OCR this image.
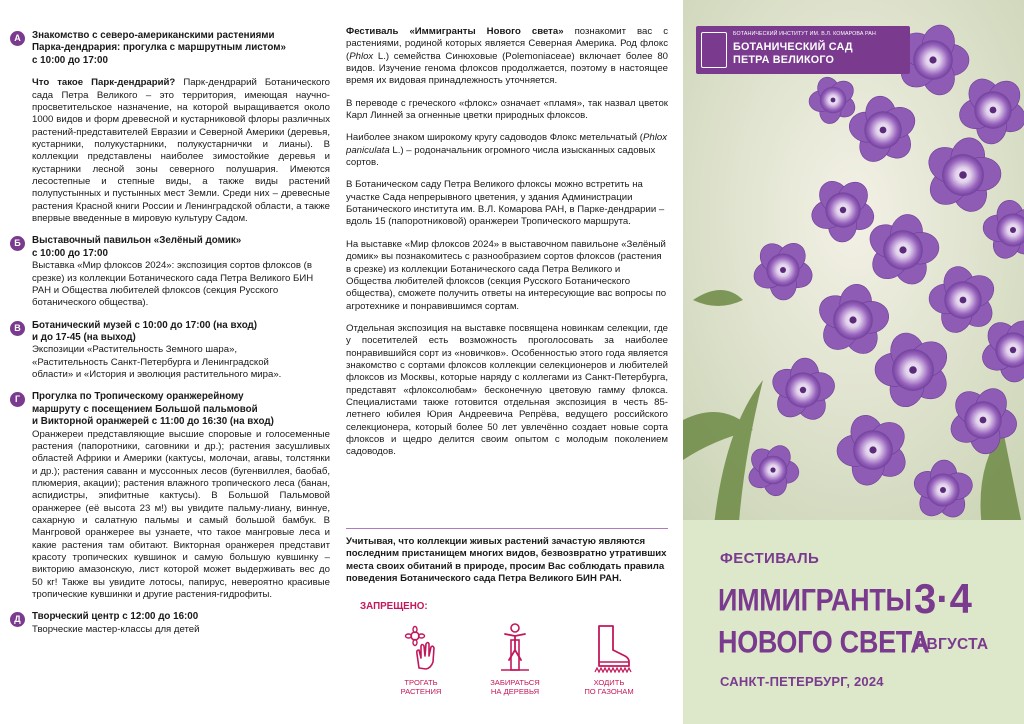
А	Знакомство с северо-американскими растениями
Парка-дендрария: прогулка с маршрутным листом»
с 10:00 до 17:00
Что такое Парк-дендрарий? Парк-дендрарий Ботанического сада Петра Великого – это территория, имеющая научно-просветительское назначение, на которой выращивается около 1000 видов и форм древесной и кустарниковой флоры различных растений-представителей Евразии и Северной Америки (деревья, кустарники, полукустарники, полукустарнички и лианы). В коллекции представлены наиболее зимостойкие деревья и кустарники лесной зоны северного полушария. Имеются лесостепные и степные виды, а также виды растений полупустынных и пустынных мест Земли. Среди них – древесные растения Красной книги России и Ленинградской области, а также впервые введенные в мировую культуру Садом.
Б	Выставочный павильон «Зелёный домик»
с 10:00 до 17:00
Выставка «Мир флоксов 2024»: экспозиция сортов флоксов (в срезке) из коллекции Ботанического сада Петра Великого БИН РАН и Общества любителей флоксов (секция Русского ботанического общества).
В	Ботанический музей с 10:00 до 17:00 (на вход)
и до 17-45 (на выход)
Экспозиции «Растительность Земного шара»,
«Растительность Санкт-Петербурга и Ленинградской
области» и «История и эволюция растительного мира».
Г	Прогулка по Тропическому оранжерейному
маршруту с посещением Большой пальмовой
и Викторной оранжерей с 11:00 до 16:30 (на вход)
Оранжереи представляющие высшие споровые и голосеменные растения (папоротники, саговники и др.); растения засушливых областей Африки и Америки (кактусы, молочаи, агавы, толстянки и др.); растения саванн и муссонных лесов (бугенвиллея, баобаб, плюмерия, акации); растения влажного тропического леса (банан, аспидистры, эпифитные кактусы). В Большой Пальмовой оранжерее (её высота 23 м!) вы увидите пальму-лиану, виннуе, сахарную и салатную пальмы и самый большой бамбук. В Мангровой оранжерее вы узнаете, что такое мангровые леса и какие растения там обитают. Викторная оранжерея представит красоту тропических кувшинок и самую большую кувшинку – викторию амазонскую, лист которой может выдерживать вес до 50 кг! Также вы увидите лотосы, папирус, невероятно красивые тропические кувшинки и другие растения-гидрофиты.
Д	Творческий центр с 12:00 до 16:00
Творческие мастер-классы для детей
Фестиваль «Иммигранты Нового света» познакомит вас с растениями, родиной которых является Северная Америка. Род флокс (Phlox L.) семейства Синюховые (Polemoniaceae) включает более 80 видов. Изучение генома флоксов продолжается, поэтому в настоящее время их видовая принадлежность уточняется.
В переводе с греческого «флокс» означает «пламя», так назвал цветок Карл Линней за огненные цветки природных флоксов.
Наиболее знаком широкому кругу садоводов Флокс метельчатый (Phlox paniculata L.) – родоначальник огромного числа изысканных садовых сортов.
В Ботаническом саду Петра Великого флоксы можно встретить на участке Сада непрерывного цветения, у здания Администрации Ботанического института им. В.Л. Комарова РАН, в Парке-дендрарии – вдоль 15 (папоротниковой) оранжереи Тропического маршрута.
На выставке «Мир флоксов 2024» в выставочном павильоне «Зелёный домик» вы познакомитесь с разнообразием сортов флоксов (растения в срезке) из коллекции Ботанического сада Петра Великого и Общества любителей флоксов (секция Русского Ботанического общества), сможете получить ответы на интересующие вас вопросы по агротехнике и понравившимся сортам.
Отдельная экспозиция на выставке посвящена новинкам селекции, где у посетителей есть возможность проголосовать за наиболее понравившийся сорт из «новичков». Особенностью этого года является знакомство с сортами флоксов коллекции селекционеров и любителей флоксов из Москвы, которые наряду с коллегами из Санкт-Петербурга, представят «флоксолюбам» бесконечную цветовую гамму флокса. Специалистами также готовится отдельная экспозиция в честь 85-летнего юбилея Юрия Андреевича Репрёва, ведущего российского селекционера, который более 50 лет увлечённо создает новые сорта флоксов и щедро делится своим опытом с молодым поколением садоводов.
Учитывая, что коллекции живых растений зачастую являются последним пристанищем многих видов, безвозвратно утративших места своих обитаний в природе, просим Вас соблюдать правила поведения Ботанического сада Петра Великого БИН РАН.
ЗАПРЕЩЕНО:
ТРОГАТЬ
РАСТЕНИЯ
ЗАБИРАТЬСЯ
НА ДЕРЕВЬЯ
ХОДИТЬ
ПО ГАЗОНАМ
БОТАНИЧЕСКИЙ ИНСТИТУТ ИМ. В.Л. КОМАРОВА РАН
БОТАНИЧЕСКИЙ САД
ПЕТРА ВЕЛИКОГО
ФЕСТИВАЛЬ
ИММИГРАНТЫ
НОВОГО СВЕТА
3·4
АВГУСТА
САНКТ-ПЕТЕРБУРГ, 2024
